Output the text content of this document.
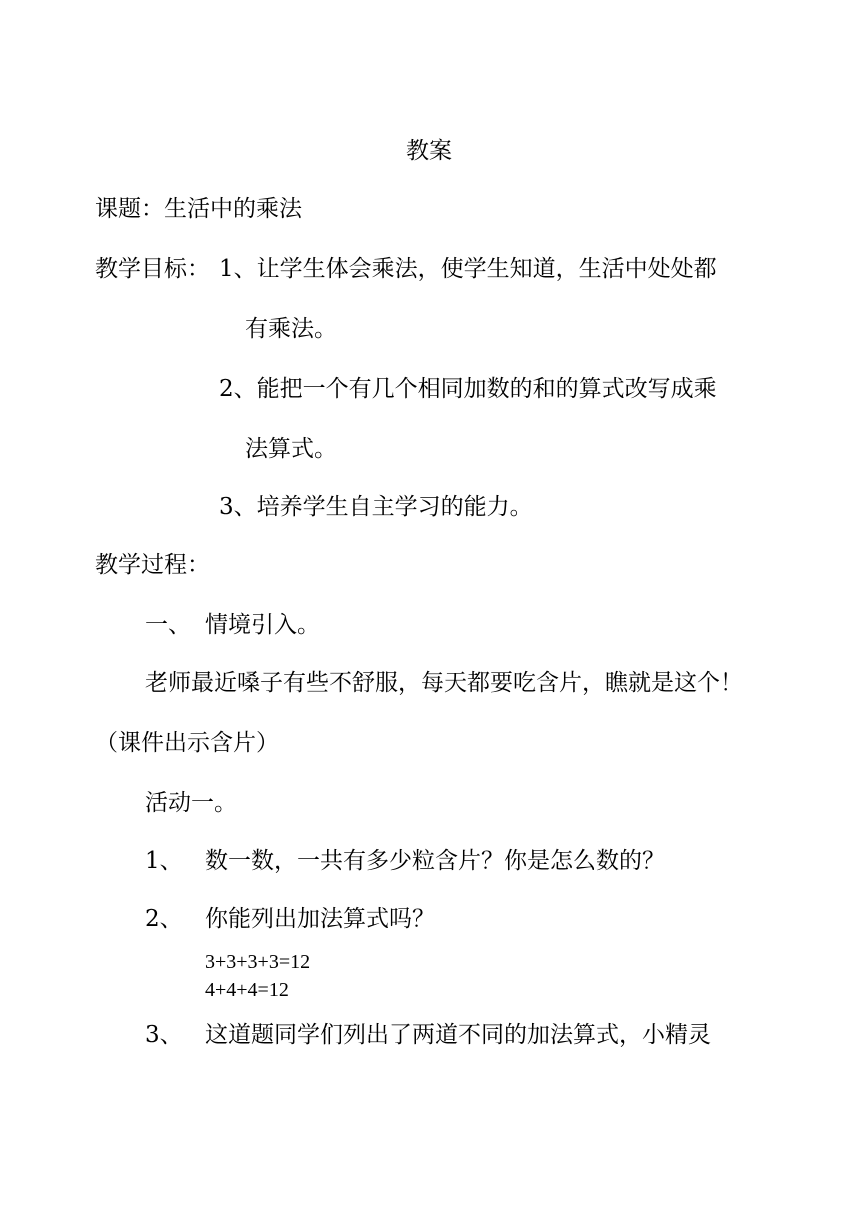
教案
课题：生活中的乘法
教学目标： 1、让学生体会乘法，使学生知道，生活中处处都
有乘法。
2、能把一个有几个相同加数的和的算式改写成乘
法算式。
3、培养学生自主学习的能力。
教学过程：
一、 情境引入。
老师最近嗓子有些不舒服，每天都要吃含片，瞧就是这个！
（课件出示含片）
活动一。
1、 数一数，一共有多少粒含片？你是怎么数的？
2、 你能列出加法算式吗？
3+3+3+3=12
4+4+4=12
3、 这道题同学们列出了两道不同的加法算式，小精灵
